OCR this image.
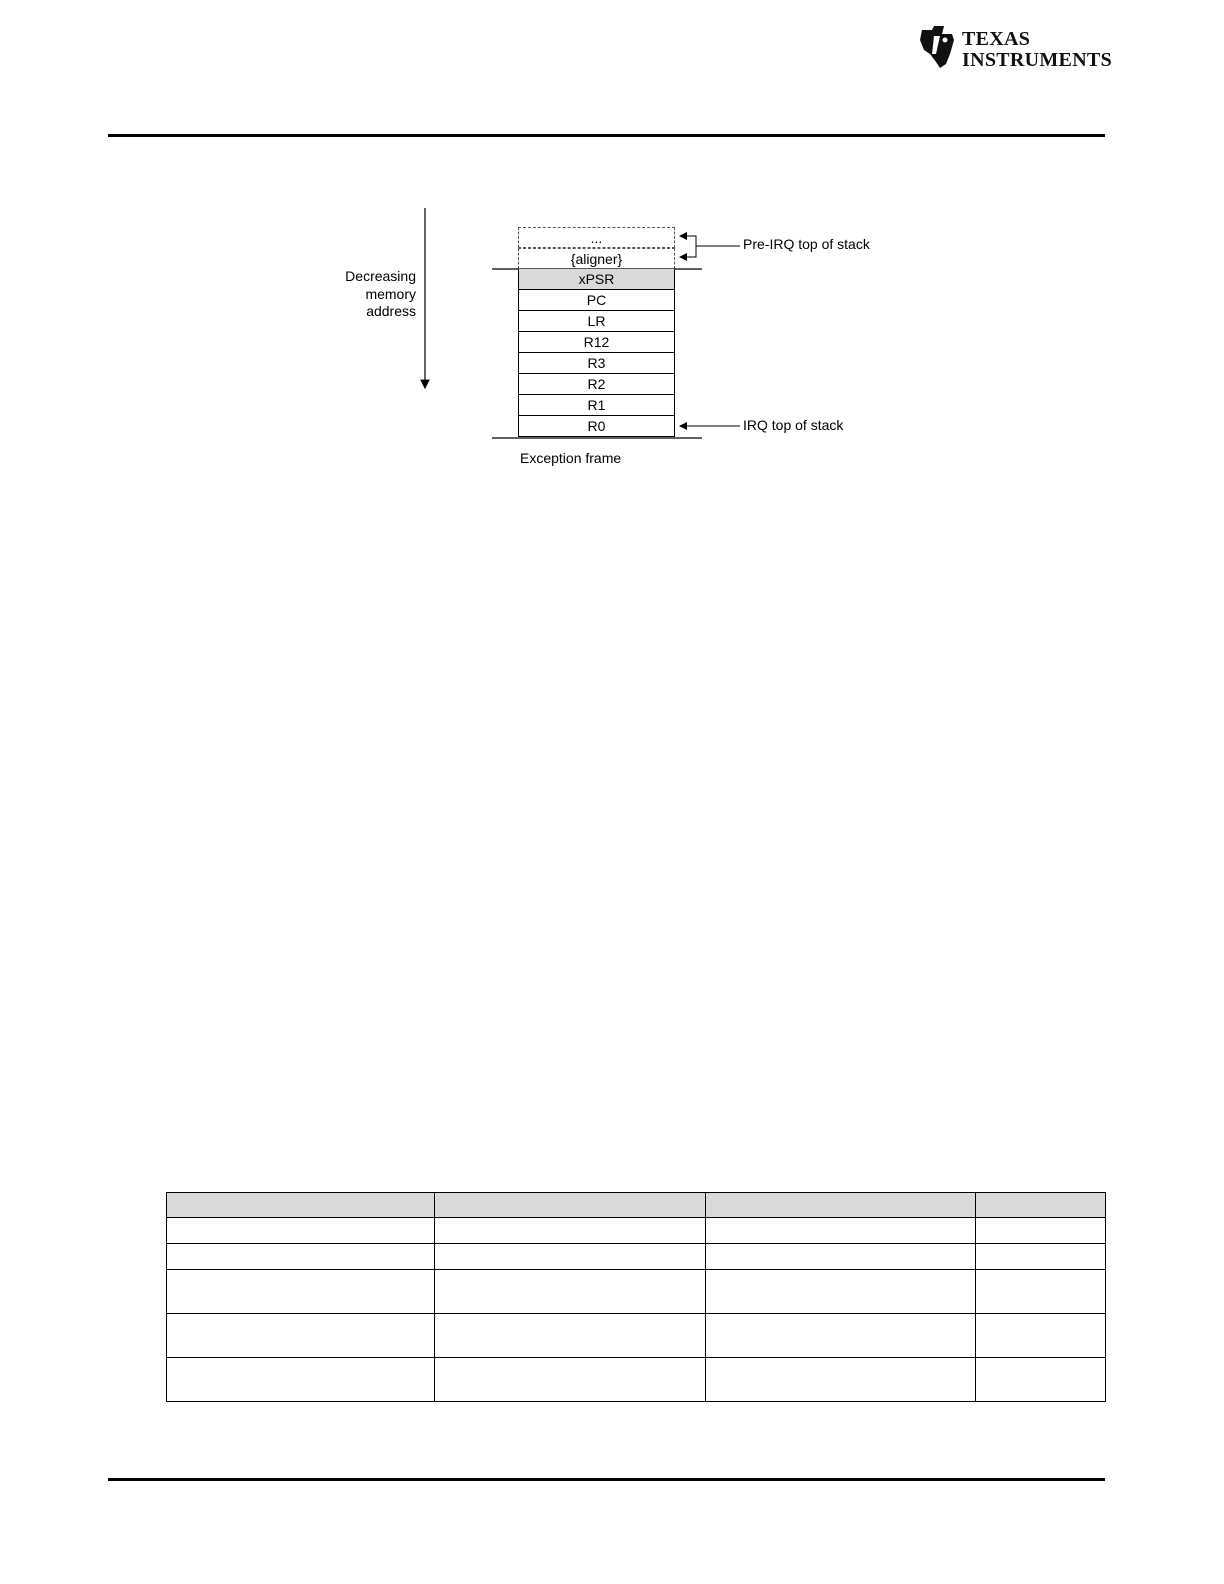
TEXAS
INSTRUMENTS
Decreasing
memory
address
...
{aligner}
xPSR
PC
LR
R12
R3
R2
R1
R0
Pre-IRQ top of stack
IRQ top of stack
Exception frame
